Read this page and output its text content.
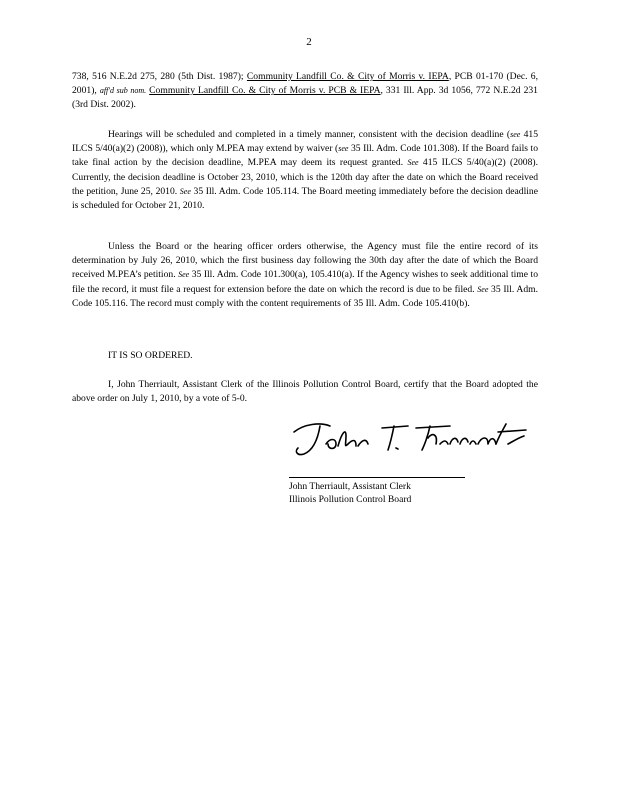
2

738, 516 N.E.2d 275, 280 (5th Dist. 1987); Community Landfill Co. & City of Morris v. IEPA, PCB 01-170 (Dec. 6, 2001), aff'd sub nom. Community Landfill Co. & City of Morris v. PCB & IEPA, 331 Ill. App. 3d 1056, 772 N.E.2d 231 (3rd Dist. 2002).

Hearings will be scheduled and completed in a timely manner, consistent with the decision deadline (see 415 ILCS 5/40(a)(2) (2008)), which only M.PEA may extend by waiver (see 35 Ill. Adm. Code 101.308). If the Board fails to take final action by the decision deadline, M.PEA may deem its request granted. See 415 ILCS 5/40(a)(2) (2008). Currently, the decision deadline is October 23, 2010, which is the 120th day after the date on which the Board received the petition, June 25, 2010. See 35 Ill. Adm. Code 105.114. The Board meeting immediately before the decision deadline is scheduled for October 21, 2010.

Unless the Board or the hearing officer orders otherwise, the Agency must file the entire record of its determination by July 26, 2010, which the first business day following the 30th day after the date of which the Board received M.PEA’s petition. See 35 Ill. Adm. Code 101.300(a), 105.410(a). If the Agency wishes to seek additional time to file the record, it must file a request for extension before the date on which the record is due to be filed. See 35 Ill. Adm. Code 105.116. The record must comply with the content requirements of 35 Ill. Adm. Code 105.410(b).

IT IS SO ORDERED.

I, John Therriault, Assistant Clerk of the Illinois Pollution Control Board, certify that the Board adopted the above order on July 1, 2010, by a vote of 5-0.

John Therriault, Assistant Clerk
Illinois Pollution Control Board
